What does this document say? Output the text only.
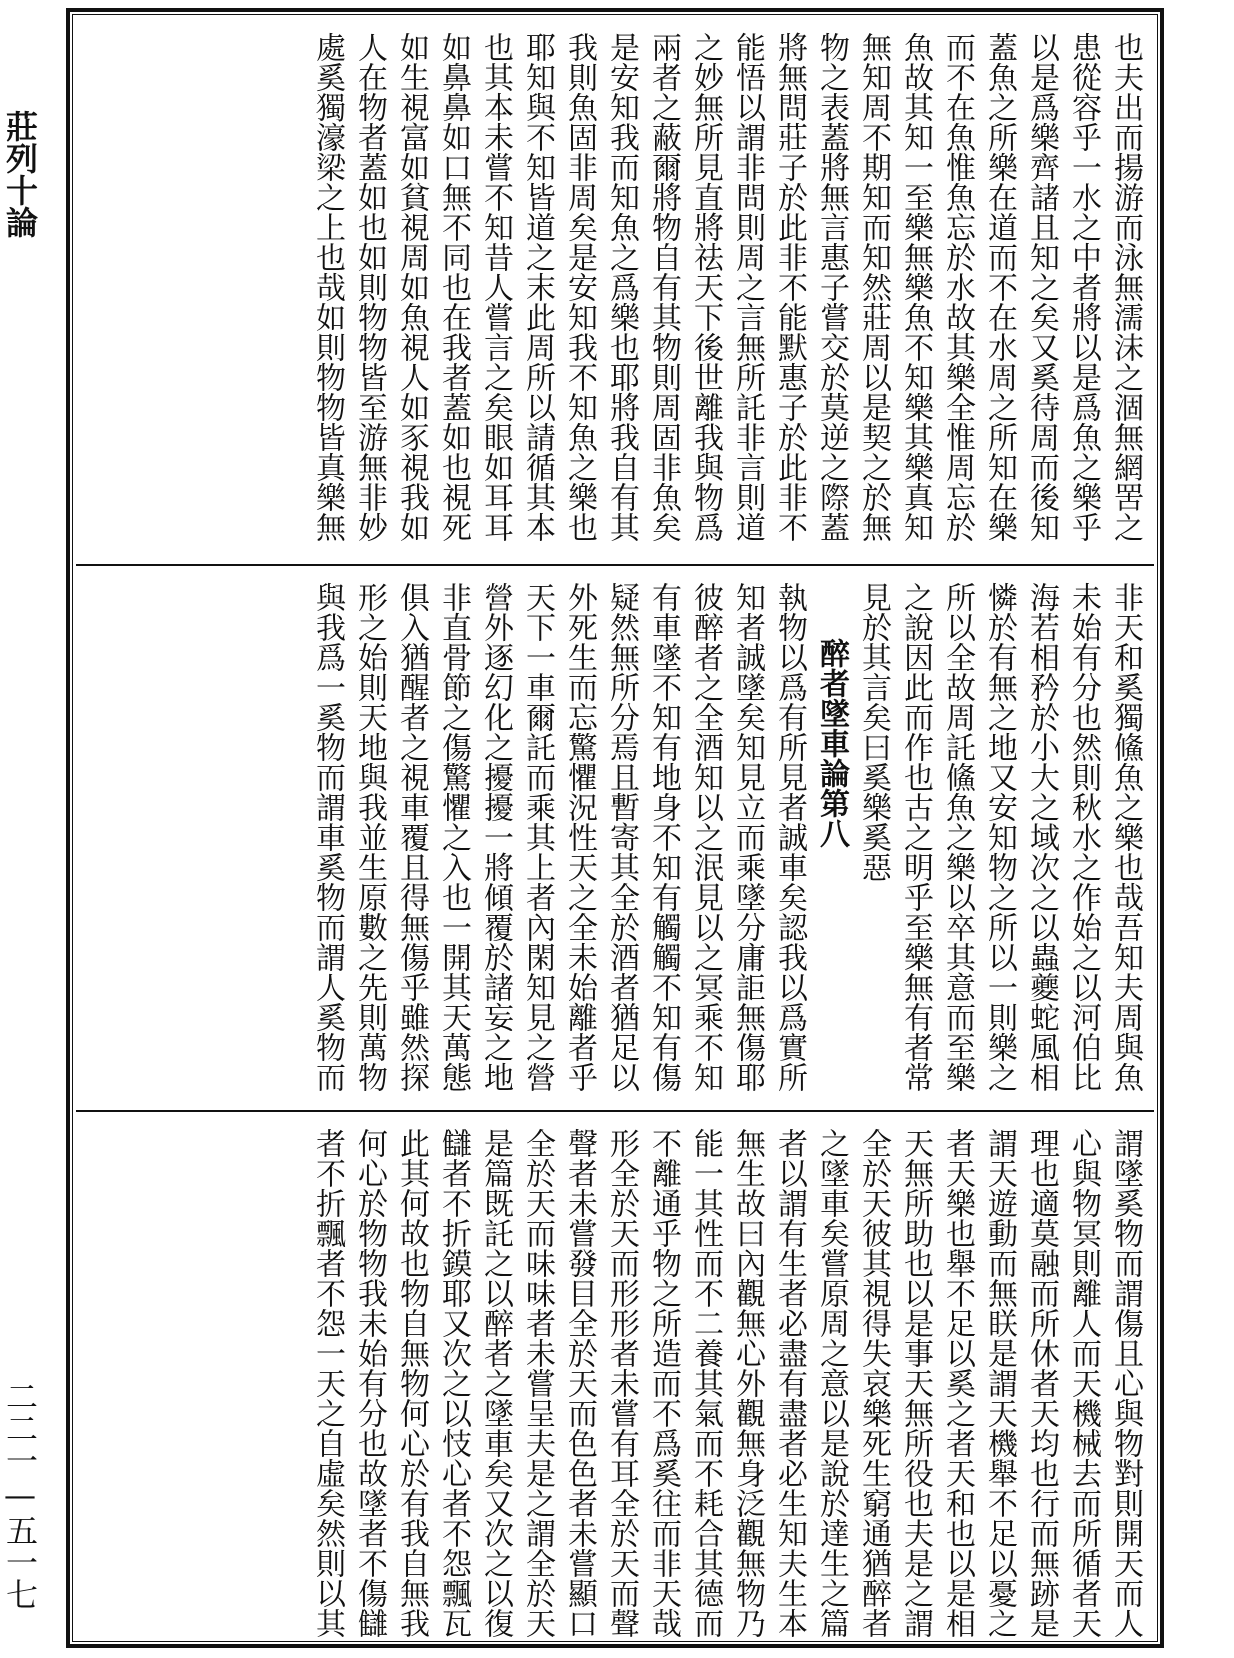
莊列十論
二二一—五一七
也夫出而揚游而泳無濡沫之涸無網罟之
患從容乎一水之中者將以是爲魚之樂乎
以是爲樂齊諸且知之矣又奚待周而後知
蓋魚之所樂在道而不在水周之所知在樂
而不在魚惟魚忘於水故其樂全惟周忘於
魚故其知一至樂無樂魚不知樂其樂真知
無知周不期知而知然莊周以是契之於無
物之表蓋將無言惠子嘗交於莫逆之際蓋
將無問莊子於此非不能默惠子於此非不
能悟以謂非問則周之言無所託非言則道
之妙無所見直將祛天下後世離我與物爲
兩者之蔽爾將物自有其物則周固非魚矣
是安知我而知魚之爲樂也耶將我自有其
我則魚固非周矣是安知我不知魚之樂也
耶知與不知皆道之末此周所以請循其本
也其本未嘗不知昔人嘗言之矣眼如耳耳
如鼻鼻如口無不同也在我者蓋如也視死
如生視富如貧視周如魚視人如豕視我如
人在物者蓋如也如則物物皆至游無非妙
處奚獨濠梁之上也哉如則物物皆真樂無
非天和奚獨鯈魚之樂也哉吾知夫周與魚
未始有分也然則秋水之作始之以河伯比
海若相矜於小大之域次之以蟲夔蛇風相
憐於有無之地又安知物之所以一則樂之
所以全故周託鯈魚之樂以卒其意而至樂
之說因此而作也古之明乎至樂無有者常
見於其言矣曰奚樂奚惡
醉者墜車論第八
執物以爲有所見者誠車矣認我以爲實所
知者誠墜矣知見立而乘墜分庸詎無傷耶
彼醉者之全酒知以之泯見以之冥乘不知
有車墜不知有地身不知有觸觸不知有傷
疑然無所分焉且暫寄其全於酒者猶足以
外死生而忘驚懼況性天之全未始離者乎
天下一車爾託而乘其上者內閑知見之營
營外逐幻化之擾擾一將傾覆於諸妄之地
非直骨節之傷驚懼之入也一開其天萬態
俱入猶醒者之視車覆且得無傷乎雖然探
形之始則天地與我並生原數之先則萬物
與我爲一奚物而謂車奚物而謂人奚物而
謂墜奚物而謂傷且心與物對則開天而人
心與物冥則離人而天機械去而所循者天
理也適莫融而所休者天均也行而無跡是
謂天遊動而無眹是謂天機舉不足以憂之
者天樂也舉不足以奚之者天和也以是相
天無所助也以是事天無所役也夫是之謂
全於天彼其視得失哀樂死生窮通猶醉者
之墜車矣嘗原周之意以是說於達生之篇
者以謂有生者必盡有盡者必生知夫生本
無生故曰內觀無心外觀無身泛觀無物乃
能一其性而不二養其氣而不耗合其德而
不離通乎物之所造而不爲奚往而非天哉
形全於天而形形者未嘗有耳全於天而聲
聲者未嘗發目全於天而色色者未嘗顯口
全於天而味味者未嘗呈夫是之謂全於天
是篇既託之以醉者之墜車矣又次之以復
讎者不折鏌耶又次之以忮心者不怨飄瓦
此其何故也物自無物何心於有我自無我
何心於物物我未始有分也故墜者不傷讎
者不折飄者不怨一天之自虛矣然則以其
